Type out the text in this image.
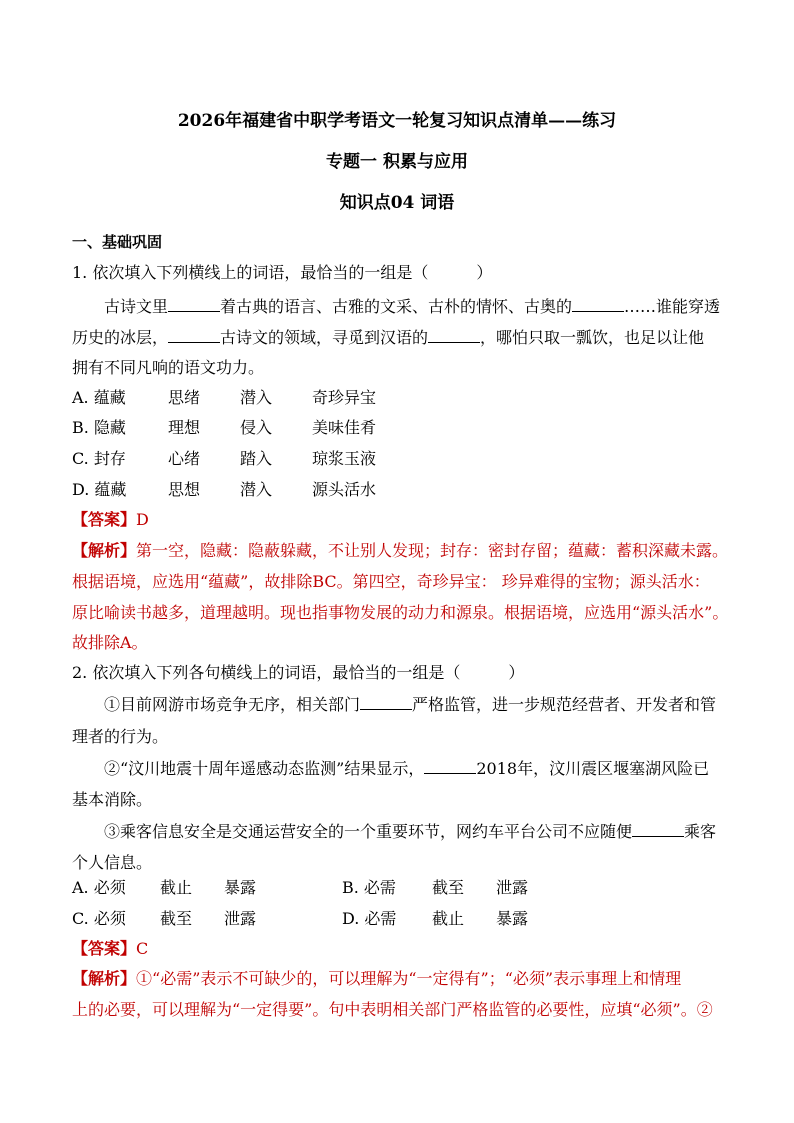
2026年福建省中职学考语文一轮复习知识点清单——练习
专题一 积累与应用
知识点04 词语
一、基础巩固
1. 依次填入下列横线上的词语，最恰当的一组是（　　　）
古诗文里	着古典的语言、古雅的文采、古朴的情怀、古奥的	……谁能穿透
历史的冰层，	古诗文的领域，寻觅到汉语的	，哪怕只取一瓢饮，也足以让他
拥有不同凡响的语文功力。
A. 蕴藏	思绪 潜入 奇珍异宝
B. 隐藏	理想 侵入 美味佳肴
C. 封存	心绪 踏入 琼浆玉液
D. 蕴藏	思想 潜入 源头活水
【答案】D
【解析】第一空，隐藏：隐蔽躲藏，不让别人发现；封存：密封存留；蕴藏：蓄积深藏未露。
根据语境，应选用“蕴藏”，故排除BC。第四空，奇珍异宝： 珍异难得的宝物；源头活水：
原比喻读书越多，道理越明。现也指事物发展的动力和源泉。根据语境，应选用“源头活水”。
故排除A。
2. 依次填入下列各句横线上的词语，最恰当的一组是（　　　）
①目前网游市场竞争无序，相关部门	严格监管，进一步规范经营者、开发者和管
理者的行为。
②“汶川地震十周年遥感动态监测”结果显示，	2018年，汶川震区堰塞湖风险已
基本消除。
③乘客信息安全是交通运营安全的一个重要环节，网约车平台公司不应随便	乘客
个人信息。
A. 必须 截止 暴露	B. 必需 截至 泄露
C. 必须 截至 泄露	D. 必需 截止 暴露
【答案】C
【解析】①“必需”表示不可缺少的，可以理解为“一定得有”；“必须”表示事理上和情理
上的必要，可以理解为“一定得要”。句中表明相关部门严格监管的必要性，应填“必须”。②
